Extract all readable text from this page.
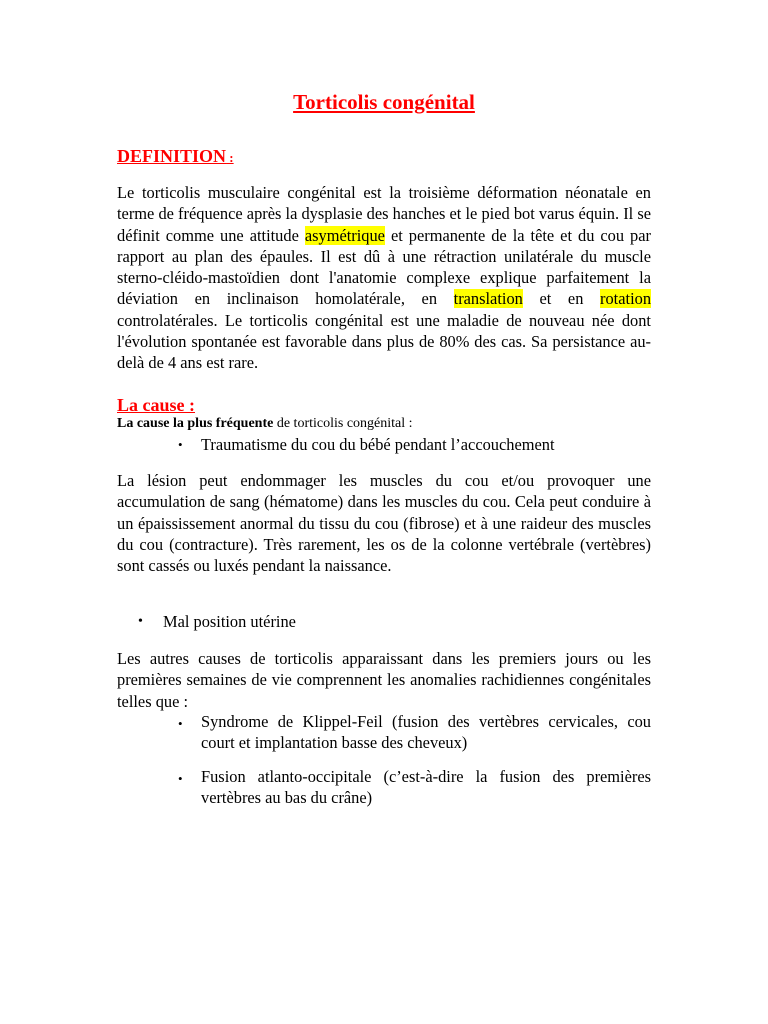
Torticolis congénital
DEFINITION :

Le torticolis musculaire congénital est la troisième déformation néonatale en terme de fréquence après la dysplasie des hanches et le pied bot varus équin. Il se définit comme une attitude asymétrique et permanente de la tête et du cou par rapport au plan des épaules. Il est dû à une rétraction unilatérale du muscle sterno-cléido-mastoïdien dont l'anatomie complexe explique parfaitement la déviation en inclinaison homolatérale, en translation et en rotation controlatérales. Le torticolis congénital est une maladie de nouveau née dont l'évolution spontanée est favorable dans plus de 80% des cas. Sa persistance au-delà de 4 ans est rare.

La cause :
La cause la plus fréquente de torticolis congénital :
• Traumatisme du cou du bébé pendant l’accouchement

La lésion peut endommager les muscles du cou et/ou provoquer une accumulation de sang (hématome) dans les muscles du cou. Cela peut conduire à un épaississement anormal du tissu du cou (fibrose) et à une raideur des muscles du cou (contracture). Très rarement, les os de la colonne vertébrale (vertèbres) sont cassés ou luxés pendant la naissance.

• Mal position utérine

Les autres causes de torticolis apparaissant dans les premiers jours ou les premières semaines de vie comprennent les anomalies rachidiennes congénitales telles que :

• Syndrome de Klippel-Feil (fusion des vertèbres cervicales, cou court et implantation basse des cheveux)

• Fusion atlanto-occipitale (c’est-à-dire la fusion des premières vertèbres au bas du crâne)
